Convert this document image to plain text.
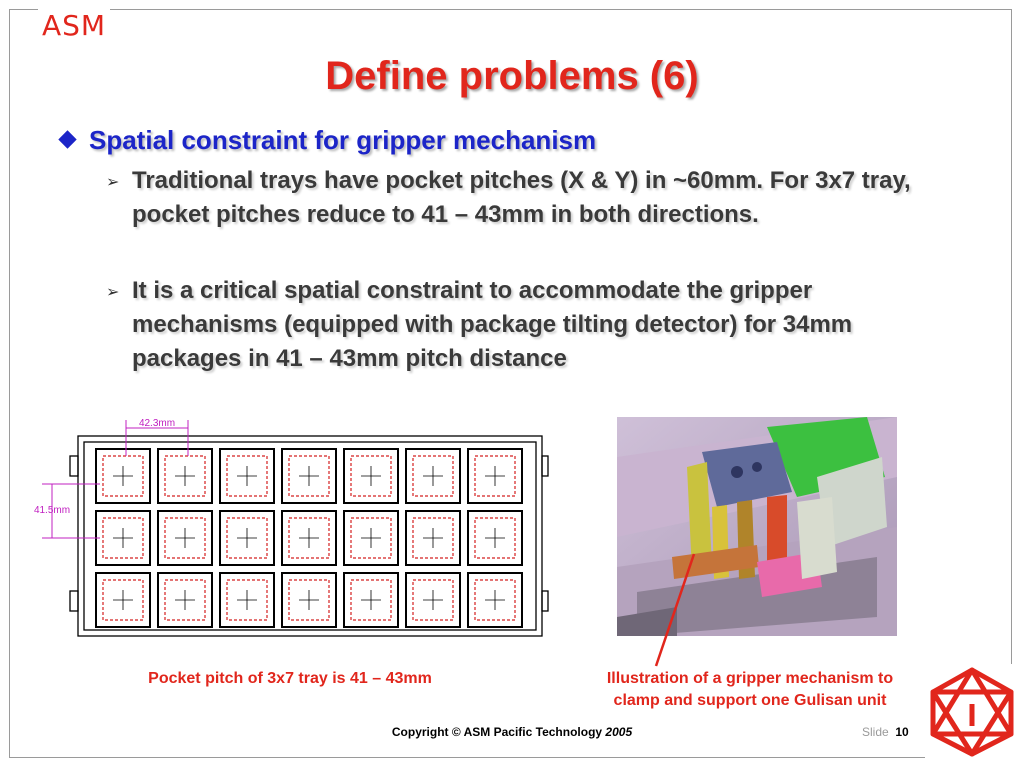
ASM
Define problems (6)
Spatial constraint for gripper mechanism
➢ Traditional trays have pocket pitches (X & Y) in ~60mm. For 3x7 tray, pocket pitches reduce to 41 – 43mm in both directions.
➢ It is a critical spatial constraint to accommodate the gripper mechanisms (equipped with package tilting detector) for 34mm packages in 41 – 43mm pitch distance
42.3mm
41.5mm
Pocket pitch of 3x7 tray is 41 – 43mm	Illustration of a gripper mechanism to
clamp and support one Gulisan unit
Copyright © ASM Pacific Technology 2005	Slide 10
